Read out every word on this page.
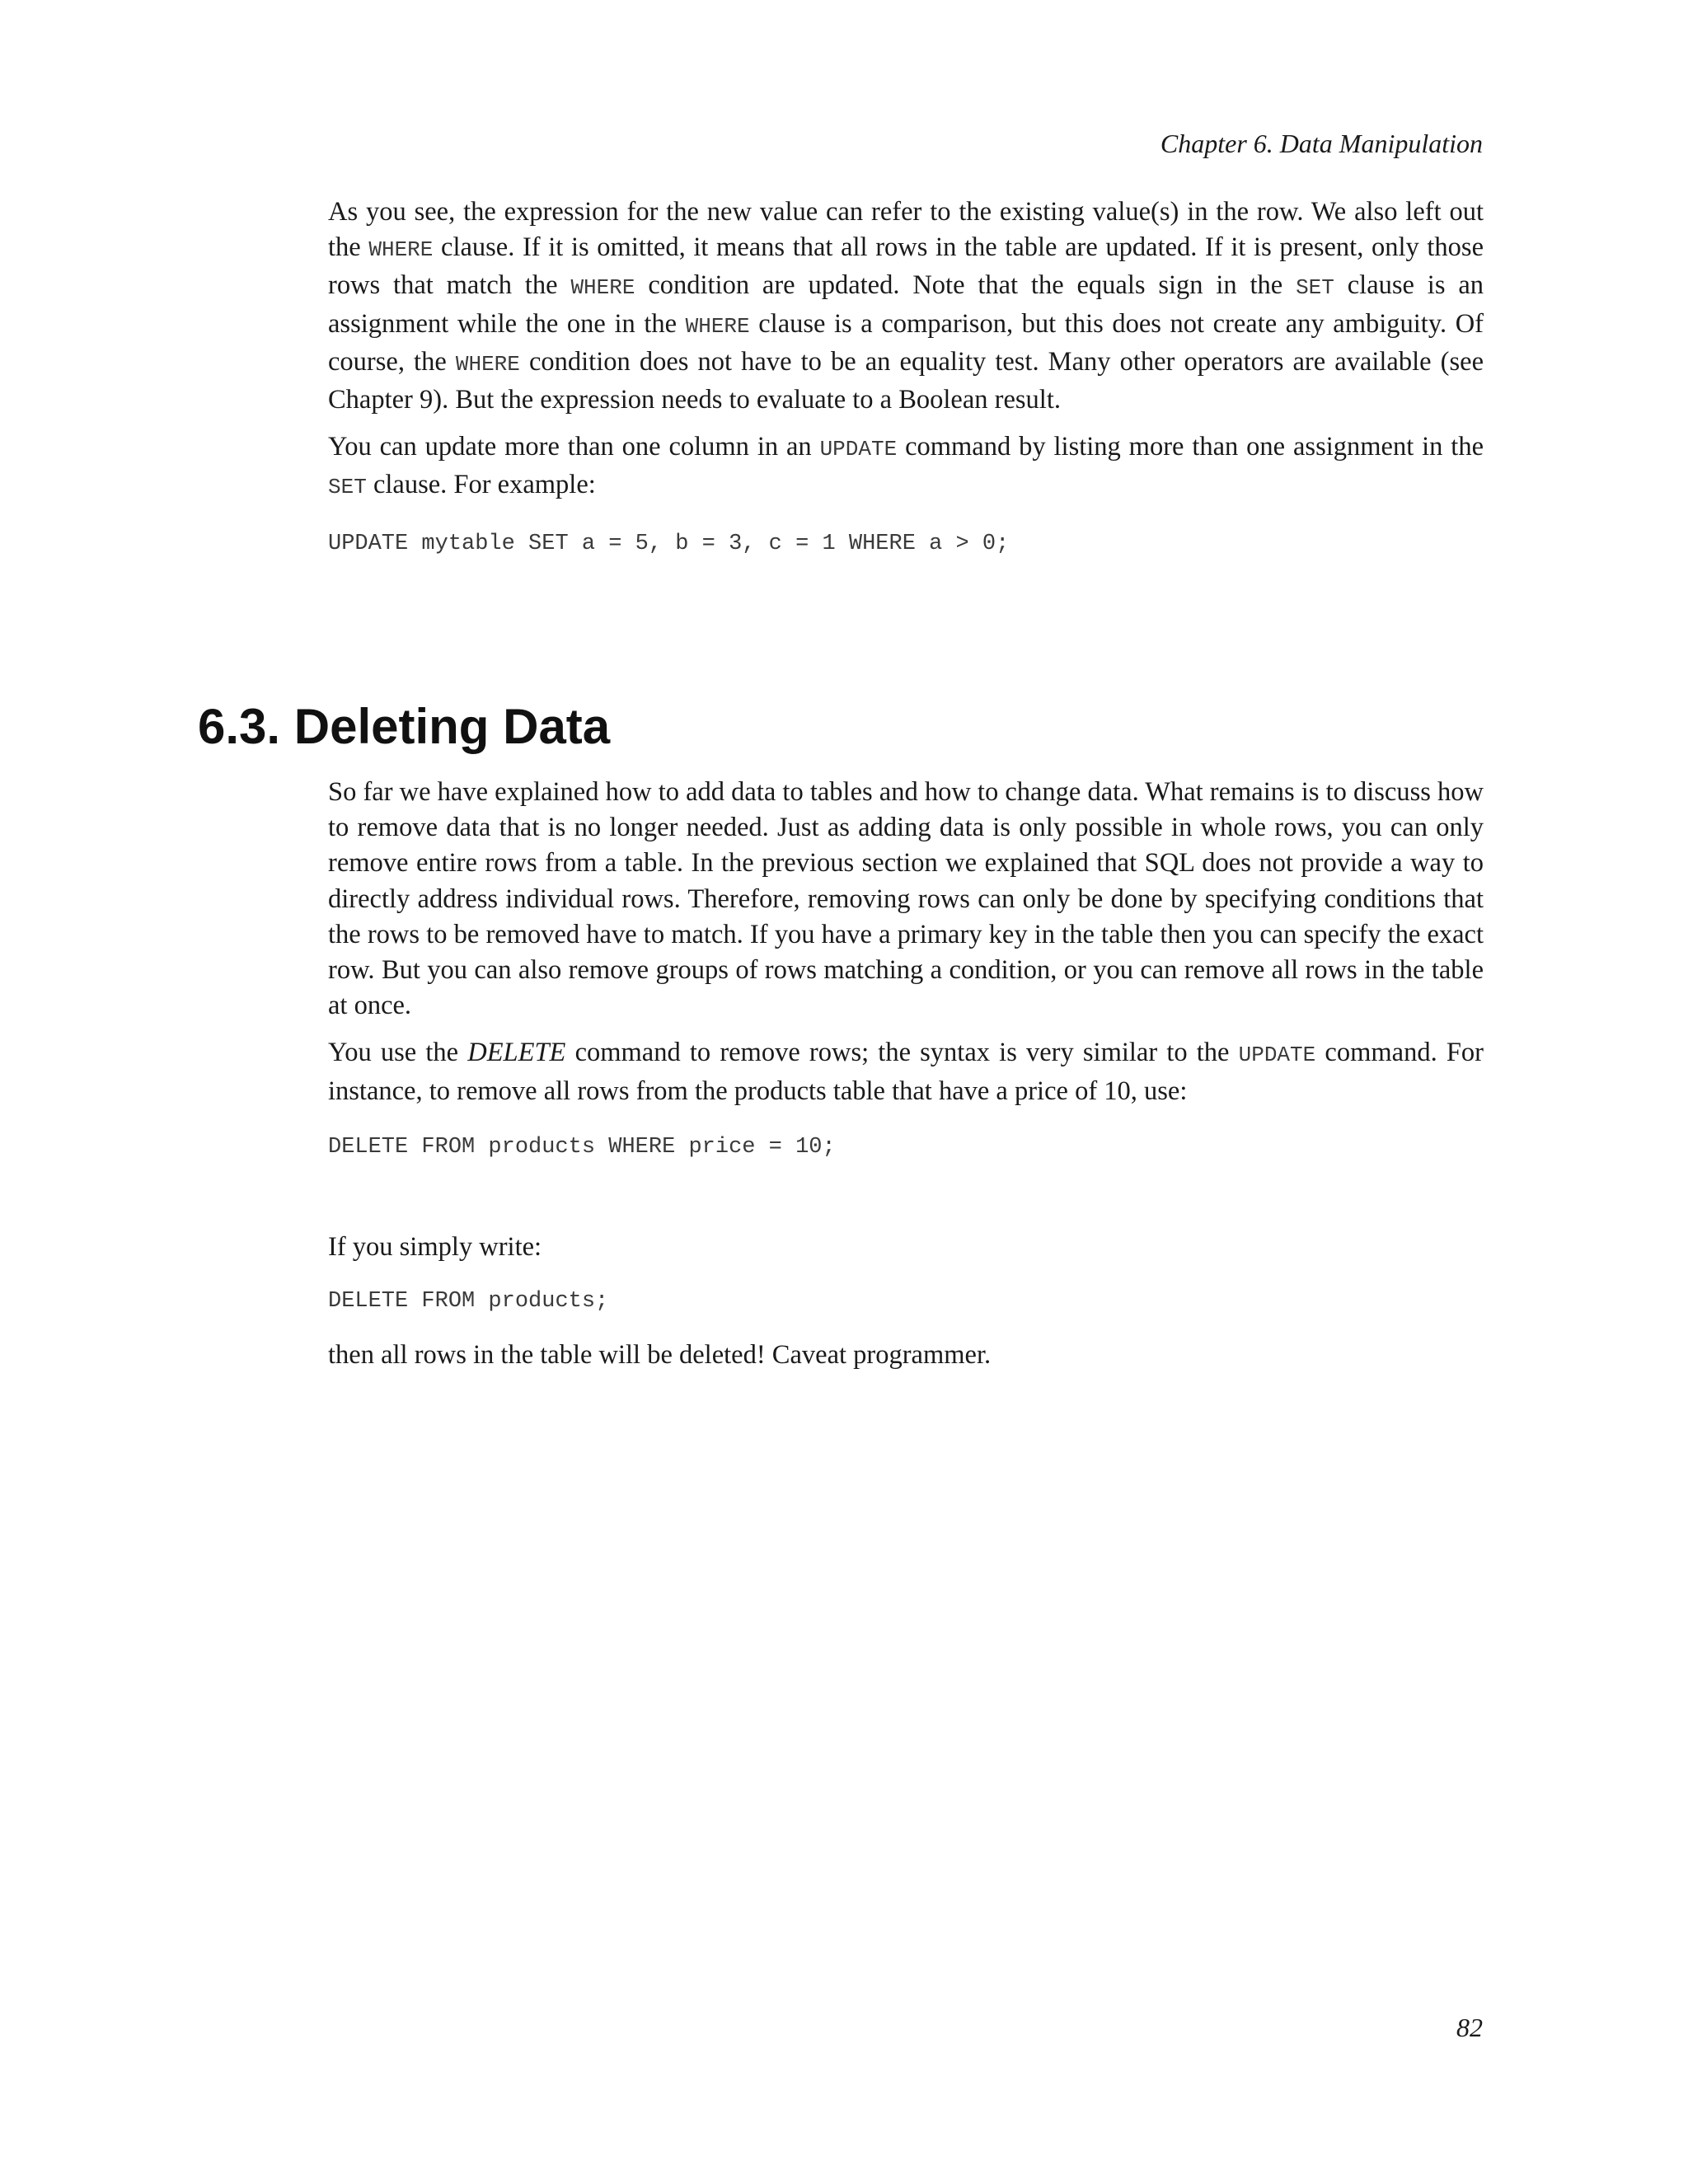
Chapter 6. Data Manipulation

As you see, the expression for the new value can refer to the existing value(s) in the row. We also left out the WHERE clause. If it is omitted, it means that all rows in the table are updated. If it is present, only those rows that match the WHERE condition are updated. Note that the equals sign in the SET clause is an assignment while the one in the WHERE clause is a comparison, but this does not create any ambiguity. Of course, the WHERE condition does not have to be an equality test. Many other operators are available (see Chapter 9). But the expression needs to evaluate to a Boolean result.

You can update more than one column in an UPDATE command by listing more than one assignment in the SET clause. For example:

UPDATE mytable SET a = 5, b = 3, c = 1 WHERE a > 0;
6.3. Deleting Data

So far we have explained how to add data to tables and how to change data. What remains is to discuss how to remove data that is no longer needed. Just as adding data is only possible in whole rows, you can only remove entire rows from a table. In the previous section we explained that SQL does not provide a way to directly address individual rows. Therefore, removing rows can only be done by specifying conditions that the rows to be removed have to match. If you have a primary key in the table then you can specify the exact row. But you can also remove groups of rows matching a condition, or you can remove all rows in the table at once.

You use the DELETE command to remove rows; the syntax is very similar to the UPDATE command. For instance, to remove all rows from the products table that have a price of 10, use:

DELETE FROM products WHERE price = 10;

If you simply write:

DELETE FROM products;

then all rows in the table will be deleted! Caveat programmer.

82
